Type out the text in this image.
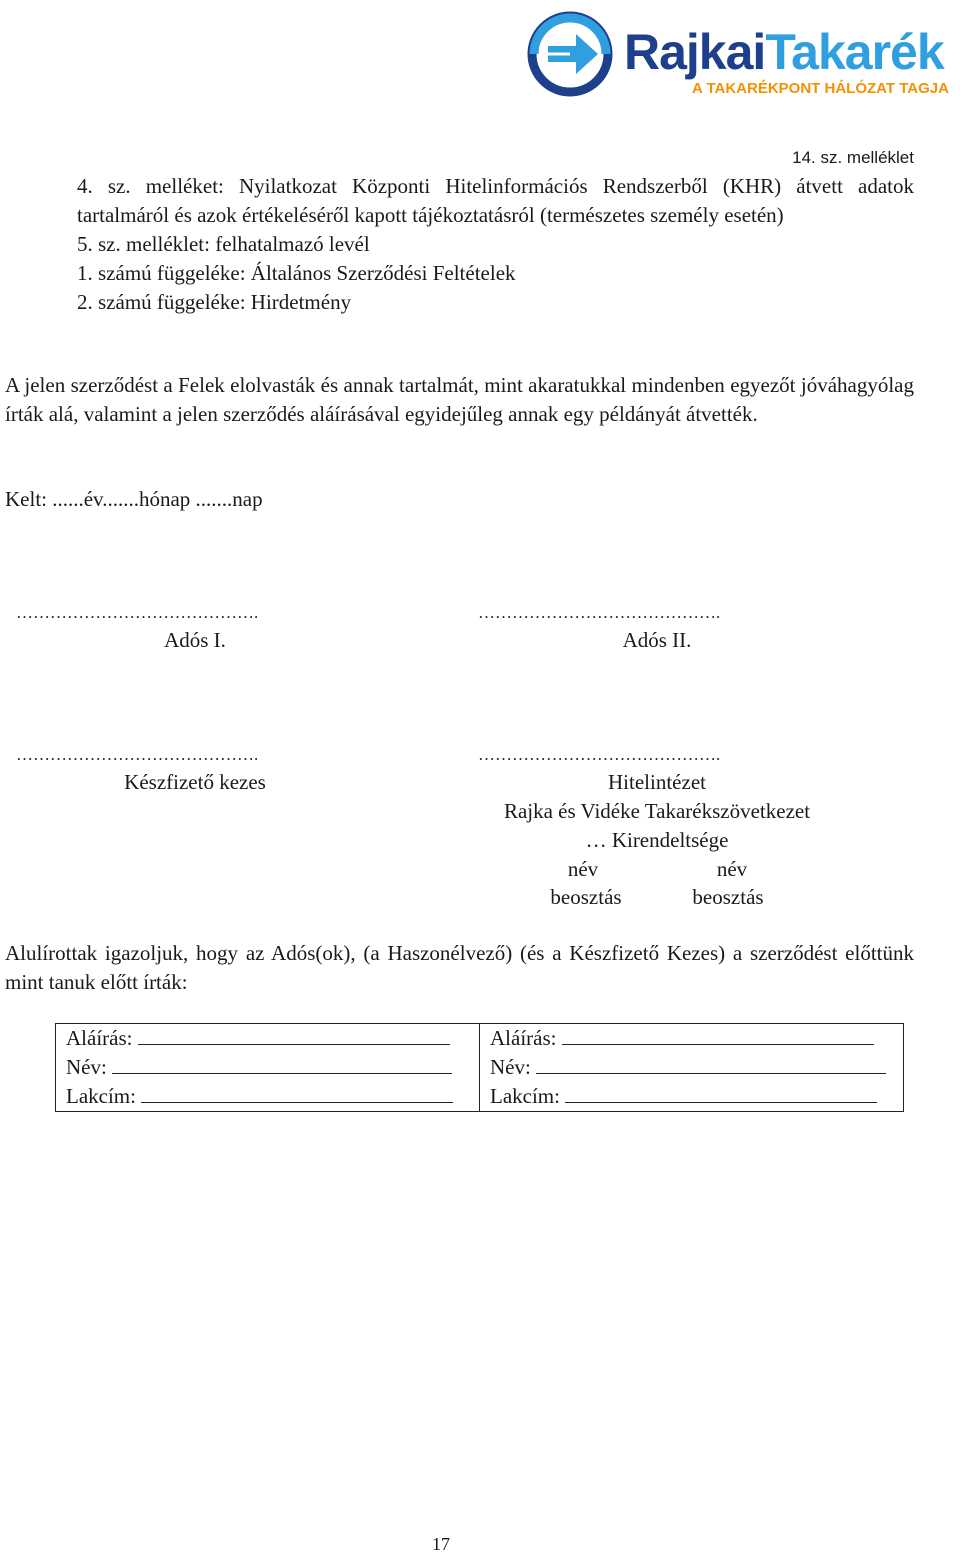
RajkaiTakarék
A TAKARÉKPONT HÁLÓZAT TAGJA
14. sz. melléklet
4. sz. melléket: Nyilatkozat Központi Hitelinformációs Rendszerből (KHR) átvett adatok tartalmáról és azok értékeléséről kapott tájékoztatásról (természetes személy esetén)
5. sz. melléklet: felhatalmazó levél
1. számú függeléke: Általános Szerződési Feltételek
2. számú függeléke: Hirdetmény
A jelen szerződést a Felek elolvasták és annak tartalmát, mint akaratukkal mindenben egyezőt jóváhagyólag írták alá, valamint a jelen szerződés aláírásával egyidejűleg annak egy példányát átvették.
Kelt: ......év.......hónap .......nap
…………………………………….
Adós I.
…………………………………….
Adós II.
…………………………………….
Készfizető kezes
…………………………………….
Hitelintézet
Rajka és Vidéke Takarékszövetkezet
… Kirendeltsége
név	név
beosztás	beosztás
Alulírottak igazoljuk, hogy az Adós(ok), (a Haszonélvező) (és a Készfizető Kezes) a szerződést előttünk mint tanuk előtt írták:
Aláírás:
Név:
Lakcím:

Aláírás:
Név:
Lakcím:
17
